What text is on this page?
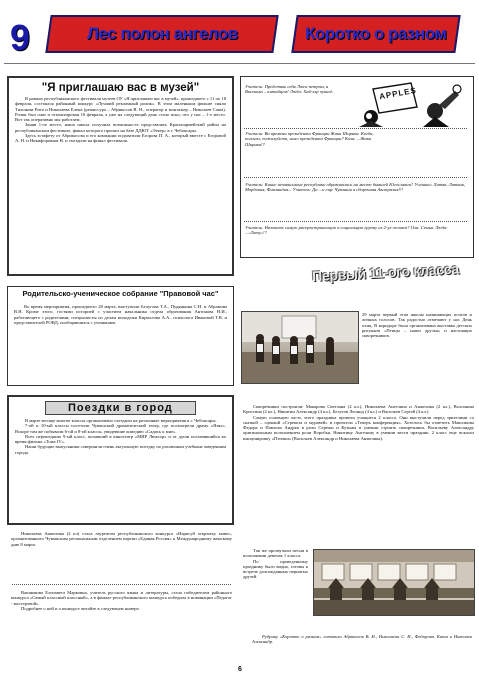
9	Лес полон ангелов	Коротко о разном
"Я приглашаю вас в музей"

В рамках республиканского фестиваля музеев ОУ «Я приглашаю вас в музей», прошедшего с 11 по 18 февраля, состоялся районный конкурс «Лучший рекламный ролик». В этом маленьком фильме сняли Тихонова Рита и Николаева Елена (режиссура – Абрикосов В. Н., оператор и монтажер – Николаев Саша). Ролик был снят и отмонтирован 10 февраля, а уже на следующий день стало ясно, что у нас – 1-е место. Вот так оперативно мы работаем.

Заняв 1-ое место, наша школа получила возможность представлять Красноармейский район на республиканском фестивале, финал которого прошел на базе ДДЮТ «Эткер» в г. Чебоксары.

Здесь эстафету от Абрикосова и его компании подхватили Егорова П. А., который вместе с Егоровой А. Н. и Никифоровым Н. и съездили на финал фестиваля.

Родительско-ученическое собрание "Правовой час"

Во время мероприятия, прошедшего 28 марта, выступили Белугова Т.А., Пудянкина С.Н. и Абрамова В.Н. Кроме этого, гостями историей с участием начальника отдела образования Антонова Н.И., работающего с родителями; специалисты по делам молодежи Кириллова А.А., психолога Ивановой Т.В. и представителей РОВД, пообщавшихся с учениками.

Поездки в город

В марте месяце многие классы организовано съездили на различные мероприятия в г. Чебоксары.

7-ой и 10-ый классы посетили Чувашский драматический театр, где посмотрели драму «Ятях». Вскоре там же побывали 6-ой и 8-ой классы, увидевшие комедию «Садись к мне».

Всех перешедших 9-ый класс, попавший в кинотеатр «МИР Люксор» и от души посмеявшийся во время фильма «Тоже IV».

Наши будущие выпускники совершили очень актуальную поездку по различным учебным заведениям города.

Николаева Анжелика (2 кл) стала лауреатом республиканского конкурса «Нарисуй открытку маме», организованного Чувашским региональным отделением партии «Единая Россия» к Международному женскому дню 8 марта.

Вашникова Елизавета Марковна, учитель русского языка и литературы, стала победителем районного конкурса «Самый классный классный», а в финале республиканского конкурса победила в номинации «Педагог - мастеровой».

Подробнее о ней и о конкурсе читайте в следующем номере.

Учитель: Представь себя Люсь-петром, а Васенька – китайцем! Люда: Хай-хэр чукна!..	APPLES

Учитель: Во времена президента Франции Жака Ширака. Когда, полагал, пожалуйста, имел президента Франции? Коля: ...Жака Ширака!?

Учитель: Какие независимые республики образовались на месте бывшей Югославии? Ученики: Литва, Латвия, Мордовия, Финляндия... Учитель: Да ...и еще Чувашия и сборочная Австралия!!!

Учитель: Назовите самую распространенную в социальную группу из 2-ух человек? Оля: Семья. Люда: ...«Тату»!?

Первый 11-ого класса

29 марта первый этап школы начинающих поэтов и личных голосов. Так радостно отмечают у нас День птиц. В коридоре была организована выставка детских рисунков «Птицы – наши друзья» и настоящих скворечников.

Скворечники построили: Макарова Светлана (2 кл.), Николаева Ангелина и Анжелика (2 кл.), Волошина Кристина (2 кл.), Никитин Александр (4 кл.), Белугов Леонид (4 кл.) и Васильев Сергей (4 кл.).

Самую основную часть этого праздника провели учащиеся 2 класса. Они выступили перед зрителями со сказкой – сценкой «Стрекоза и муравей» и проектом «Теперь конференция». Хотелось бы отметить Максимова Федора и Павлова Андрея в роли Сережи и Кузьмы в умении строить скворечники, Васильеву Александру оригинальным исполнением роли Воробья, Никитину Ангелину в умении вести праздник. 2 класс еще показал инсценировку «Птички» (Васильев Александр и Николаева Анжелика).

Так же прозвучали песни в исполнении девочек 1 класса.

По проведенному празднику было видно, готовы к встрече долгожданных пернатых друзей.

Рубрику «Коротко о разном» готовили Абрикосов В. Н., Николаева С. Н., Федорова. Катя и Николаев Александр.

6
